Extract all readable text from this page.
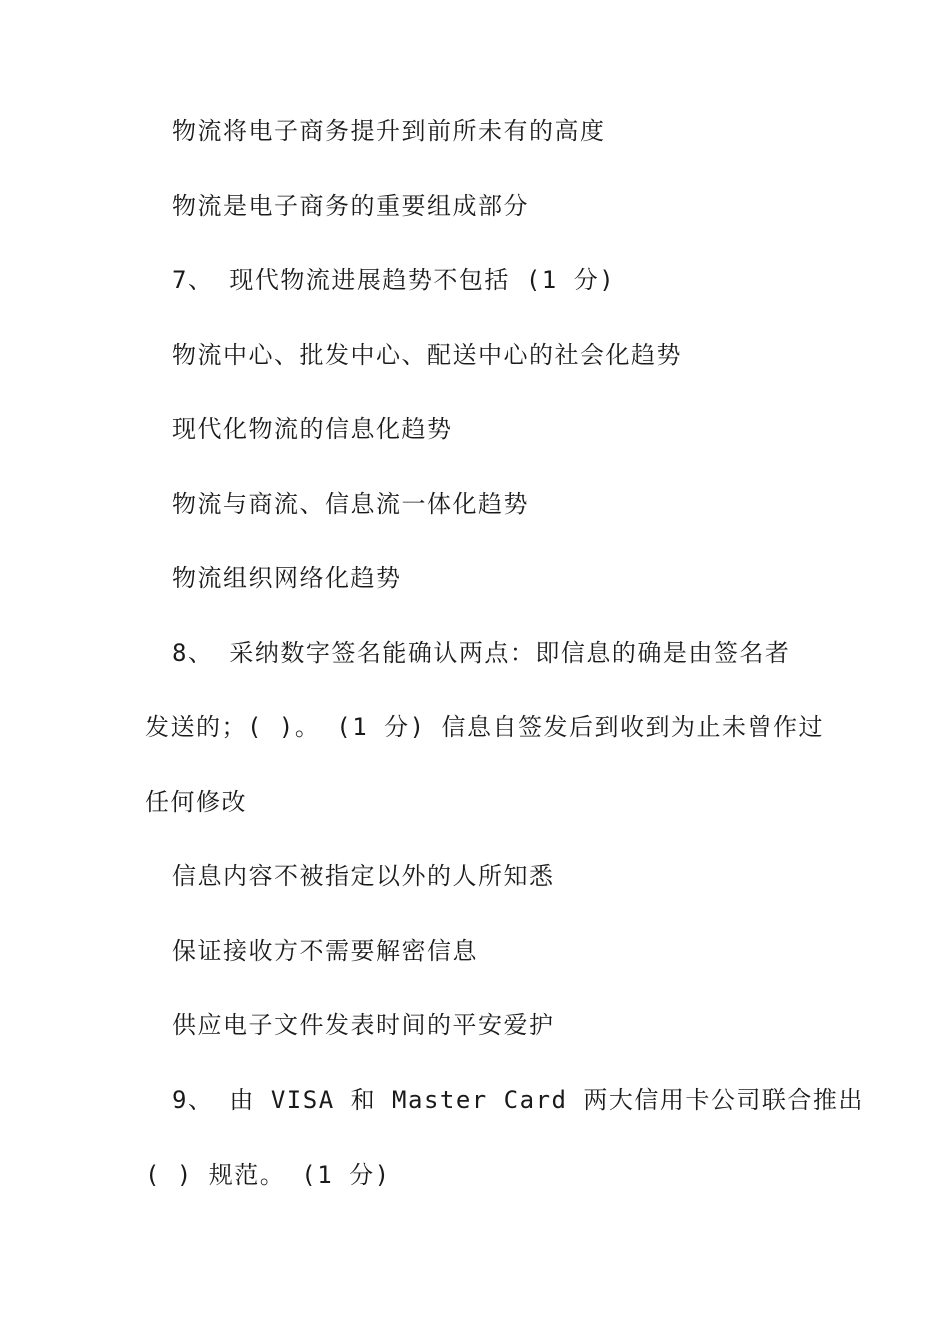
物流将电子商务提升到前所未有的高度
物流是电子商务的重要组成部分
7、 现代物流进展趋势不包括 (1 分)
物流中心、批发中心、配送中心的社会化趋势
现代化物流的信息化趋势
物流与商流、信息流一体化趋势
物流组织网络化趋势
8、 采纳数字签名能确认两点：即信息的确是由签名者
发送的；( )。 (1 分) 信息自签发后到收到为止未曾作过
任何修改
信息内容不被指定以外的人所知悉
保证接收方不需要解密信息
供应电子文件发表时间的平安爱护
9、 由 VISA 和 Master Card 两大信用卡公司联合推出
( ) 规范。 (1 分)
